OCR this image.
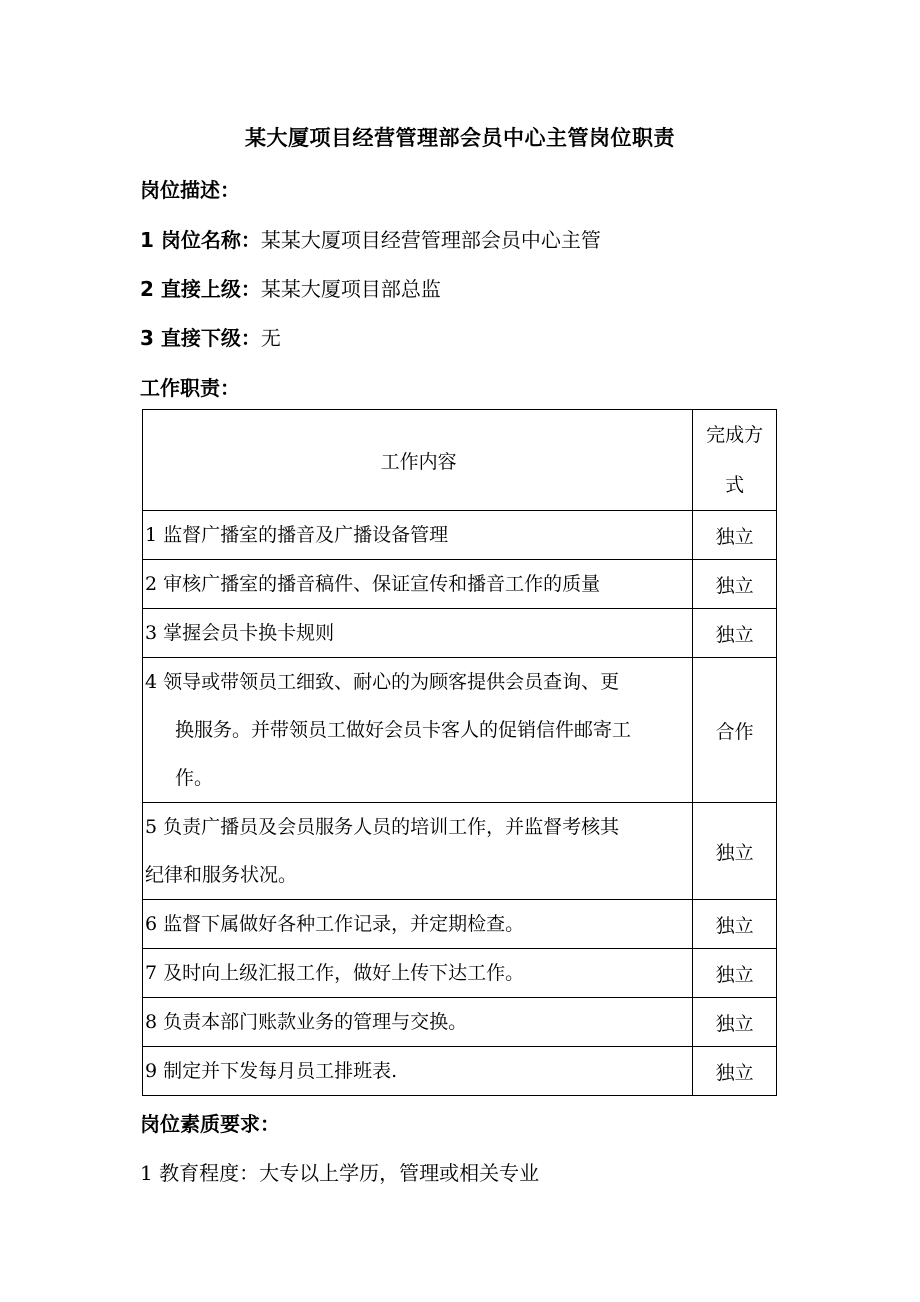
某大厦项目经营管理部会员中心主管岗位职责
岗位描述：
1 岗位名称：某某大厦项目经营管理部会员中心主管
2 直接上级：某某大厦项目部总监
3 直接下级：无
工作职责：
工作内容	完成方
式

1 监督广播室的播音及广播设备管理	独立

2 审核广播室的播音稿件、保证宣传和播音工作的质量	独立

3 掌握会员卡换卡规则	独立

4 领导或带领员工细致、耐心的为顾客提供会员查询、更
换服务。并带领员工做好会员卡客人的促销信件邮寄工
作。	合作

5 负责广播员及会员服务人员的培训工作，并监督考核其
纪律和服务状况。	独立

6 监督下属做好各种工作记录，并定期检查。	独立

7 及时向上级汇报工作，做好上传下达工作。	独立

8 负责本部门账款业务的管理与交换。	独立

9 制定并下发每月员工排班表.	独立
岗位素质要求：
1 教育程度：大专以上学历，管理或相关专业
